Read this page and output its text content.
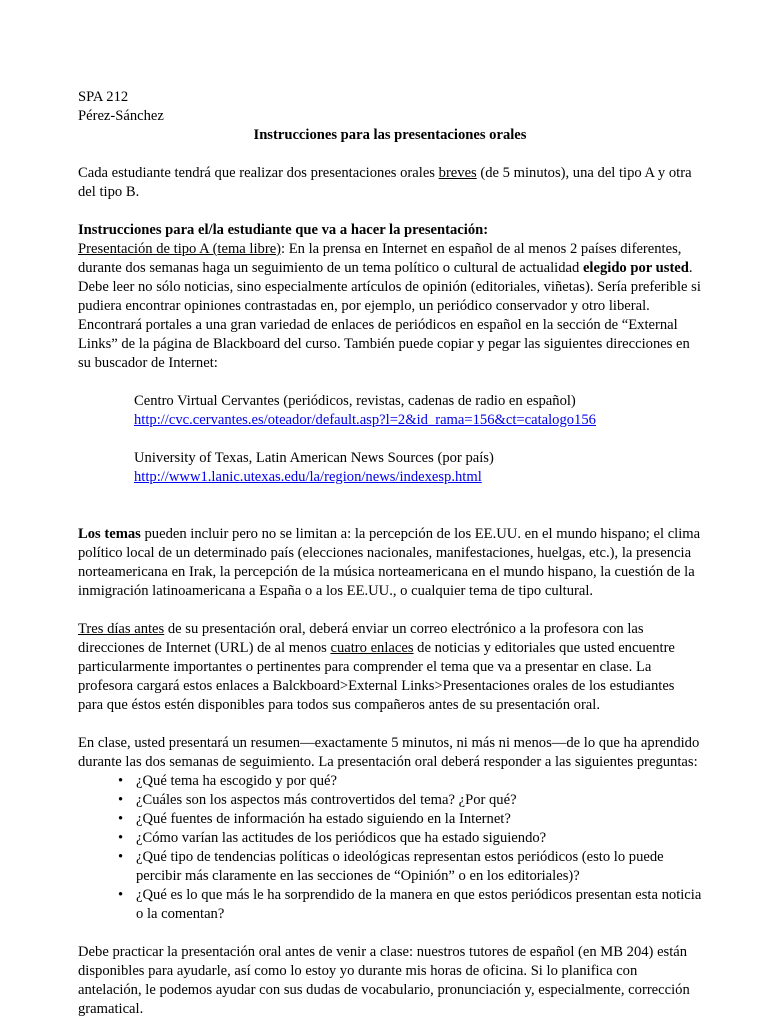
SPA 212

Pérez-Sánchez

Instrucciones para las presentaciones orales

Cada estudiante tendrá que realizar dos presentaciones orales breves (de 5 minutos), una del tipo A y otra del tipo B.

Instrucciones para el/la estudiante que va a hacer la presentación:

Presentación de tipo A (tema libre): En la prensa en Internet en español de al menos 2 países diferentes, durante dos semanas haga un seguimiento de un tema político o cultural de actualidad elegido por usted. Debe leer no sólo noticias, sino especialmente artículos de opinión (editoriales, viñetas). Sería preferible si pudiera encontrar opiniones contrastadas en, por ejemplo, un periódico conservador y otro liberal. Encontrará portales a una gran variedad de enlaces de periódicos en español en la sección de “External Links” de la página de Blackboard del curso. También puede copiar y pegar las siguientes direcciones en su buscador de Internet:

Centro Virtual Cervantes (periódicos, revistas, cadenas de radio en español)

http://cvc.cervantes.es/oteador/default.asp?l=2&id_rama=156&ct=catalogo156

University of Texas, Latin American News Sources (por país)

http://www1.lanic.utexas.edu/la/region/news/indexesp.html

Los temas pueden incluir pero no se limitan a: la percepción de los EE.UU. en el mundo hispano; el clima político local de un determinado país (elecciones nacionales, manifestaciones, huelgas, etc.), la presencia norteamericana en Irak, la percepción de la música norteamericana en el mundo hispano, la cuestión de la inmigración latinoamericana a España o a los EE.UU., o cualquier tema de tipo cultural.

Tres días antes de su presentación oral, deberá enviar un correo electrónico a la profesora con las direcciones de Internet (URL) de al menos cuatro enlaces de noticias y editoriales que usted encuentre particularmente importantes o pertinentes para comprender el tema que va a presentar en clase. La profesora cargará estos enlaces a Balckboard>External Links>Presentaciones orales de los estudiantes para que éstos estén disponibles para todos sus compañeros antes de su presentación oral.

En clase, usted presentará un resumen—exactamente 5 minutos, ni más ni menos—de lo que ha aprendido durante las dos semanas de seguimiento. La presentación oral deberá responder a las siguientes preguntas:

• ¿Qué tema ha escogido y por qué?
• ¿Cuáles son los aspectos más controvertidos del tema? ¿Por qué?
• ¿Qué fuentes de información ha estado siguiendo en la Internet?
• ¿Cómo varían las actitudes de los periódicos que ha estado siguiendo?
• ¿Qué tipo de tendencias políticas o ideológicas representan estos periódicos (esto lo puede percibir más claramente en las secciones de “Opinión” o en los editoriales)?
• ¿Qué es lo que más le ha sorprendido de la manera en que estos periódicos presentan esta noticia o la comentan?

Debe practicar la presentación oral antes de venir a clase: nuestros tutores de español (en MB 204) están disponibles para ayudarle, así como lo estoy yo durante mis horas de oficina. Si lo planifica con antelación, le podemos ayudar con sus dudas de vocabulario, pronunciación y, especialmente, corrección gramatical.
